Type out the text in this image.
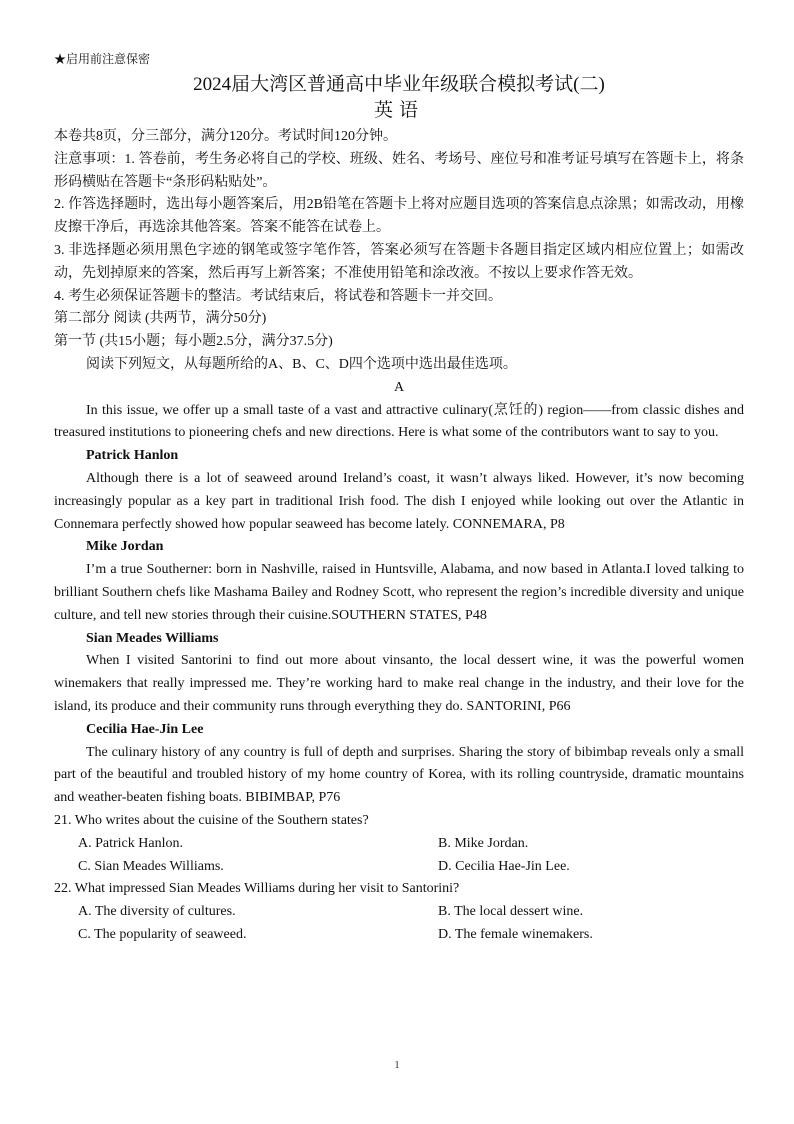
★启用前注意保密
2024届大湾区普通高中毕业年级联合模拟考试(二)
英语

本卷共8页，分三部分，满分120分。考试时间120分钟。

注意事项：1. 答卷前，考生务必将自己的学校、班级、姓名、考场号、座位号和准考证号填写在答题卡上，将条形码横贴在答题卡“条形码粘贴处”。

2. 作答选择题时，选出每小题答案后，用2B铅笔在答题卡上将对应题目选项的答案信息点涂黑；如需改动，用橡皮擦干净后，再选涂其他答案。答案不能答在试卷上。

3. 非选择题必须用黑色字迹的钢笔或签字笔作答，答案必须写在答题卡各题目指定区域内相应位置上；如需改动，先划掉原来的答案，然后再写上新答案；不准使用铅笔和涂改液。不按以上要求作答无效。

4. 考生必须保证答题卡的整洁。考试结束后，将试卷和答题卡一并交回。

第二部分 阅读 (共两节，满分50分)

第一节 (共15小题；每小题2.5分，满分37.5分)

阅读下列短文，从每题所给的A、B、C、D四个选项中选出最佳选项。

A

In this issue, we offer up a small taste of a vast and attractive culinary(烹饪的) region——from classic dishes and treasured institutions to pioneering chefs and new directions. Here is what some of the contributors want to say to you.

Patrick Hanlon

Although there is a lot of seaweed around Ireland’s coast, it wasn’t always liked. However, it’s now becoming increasingly popular as a key part in traditional Irish food. The dish I enjoyed while looking out over the Atlantic in Connemara perfectly showed how popular seaweed has become lately. CONNEMARA, P8

Mike Jordan

I’m a true Southerner: born in Nashville, raised in Huntsville, Alabama, and now based in Atlanta.I loved talking to brilliant Southern chefs like Mashama Bailey and Rodney Scott, who represent the region’s incredible diversity and unique culture, and tell new stories through their cuisine.SOUTHERN STATES, P48

Sian Meades Williams

When I visited Santorini to find out more about vinsanto, the local dessert wine, it was the powerful women winemakers that really impressed me. They’re working hard to make real change in the industry, and their love for the island, its produce and their community runs through everything they do. SANTORINI, P66

Cecilia Hae-Jin Lee

The culinary history of any country is full of depth and surprises. Sharing the story of bibimbap reveals only a small part of the beautiful and troubled history of my home country of Korea, with its rolling countryside, dramatic mountains and weather-beaten fishing boats. BIBIMBAP, P76

21. Who writes about the cuisine of the Southern states?

A. Patrick Hanlon.	B. Mike Jordan.
C. Sian Meades Williams.	D. Cecilia Hae-Jin Lee.

22. What impressed Sian Meades Williams during her visit to Santorini?

A. The diversity of cultures.	B. The local dessert wine.
C. The popularity of seaweed.	D. The female winemakers.
1
